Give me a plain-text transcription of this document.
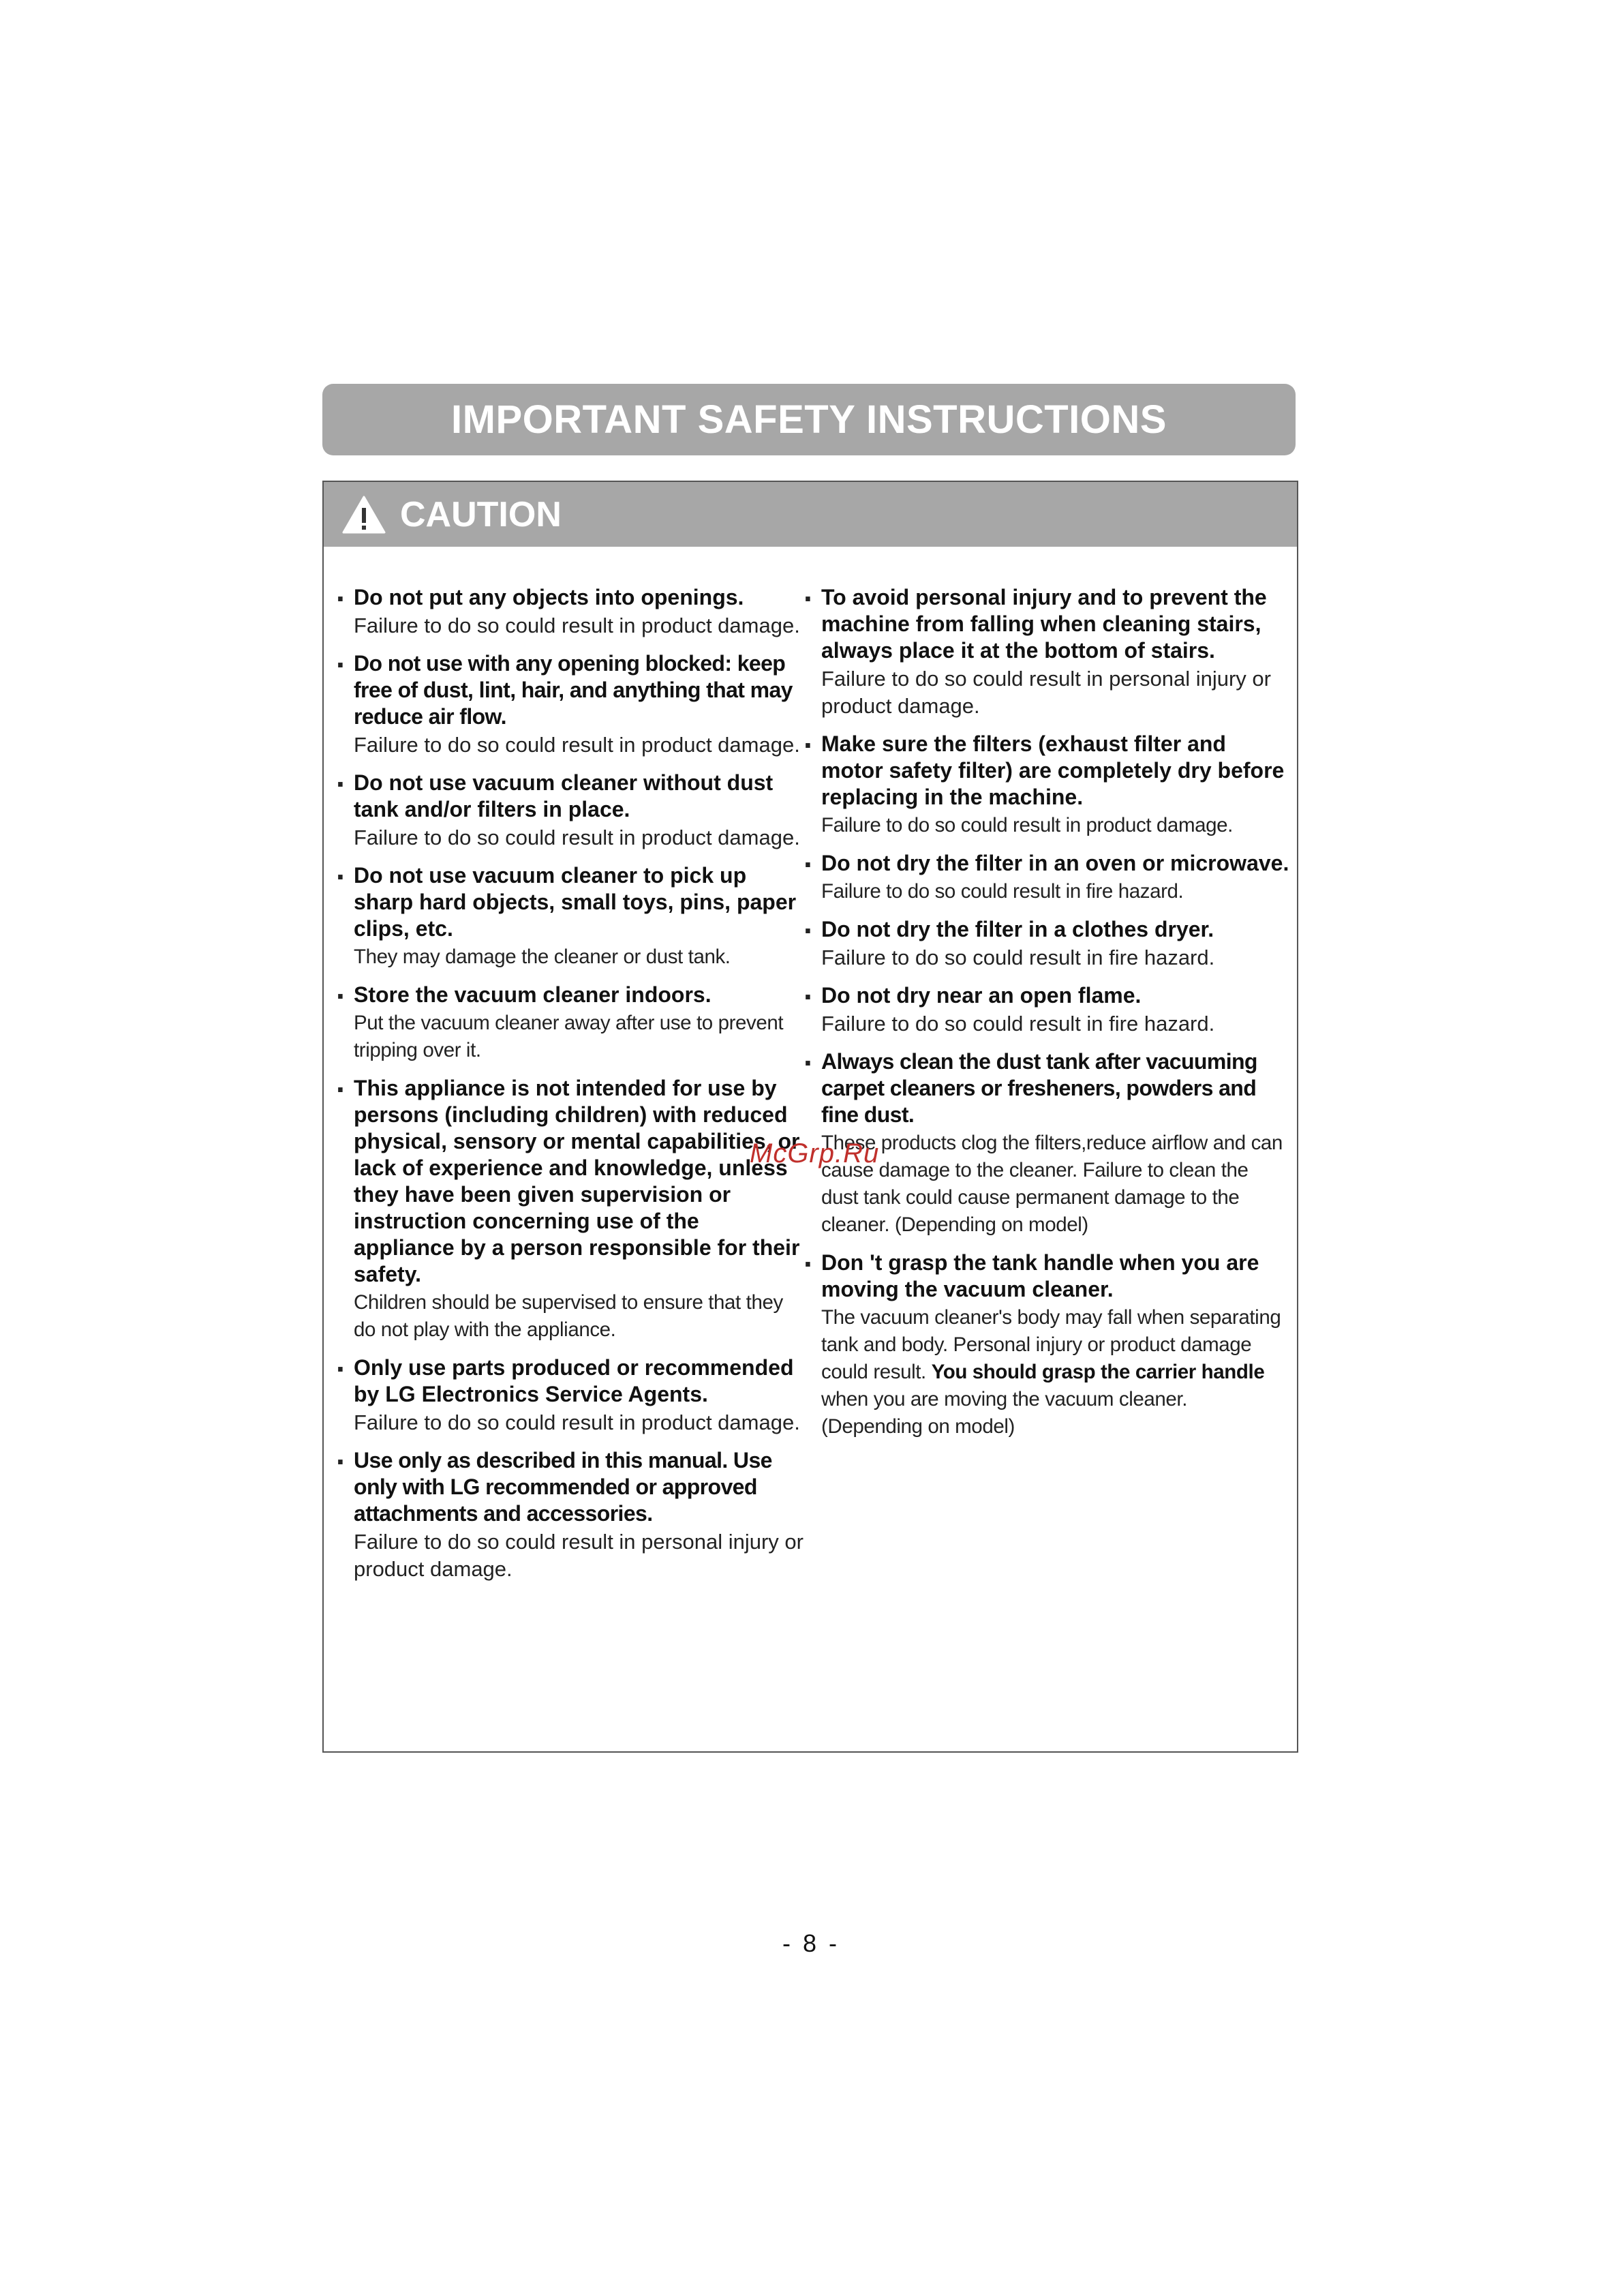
IMPORTANT SAFETY INSTRUCTIONS
CAUTION
· Do not put any objects into openings.
Failure to do so could result in product damage.
· Do not use with any opening blocked: keep free of dust, lint, hair, and anything that may reduce air flow.
Failure to do so could result in product damage.
· Do not use vacuum cleaner without dust tank and/or filters in place.
Failure to do so could result in product damage.
· Do not use vacuum cleaner to pick up sharp hard objects, small toys, pins, paper clips, etc.
They may damage the cleaner or dust tank.
· Store the vacuum cleaner indoors.
Put the vacuum cleaner away after use to prevent tripping over it.
· This appliance is not intended for use by persons (including children) with reduced physical, sensory or mental capabilities, or lack of experience and knowledge, unless they have been given supervision or instruction concerning use of the appliance by a person responsible for their safety.
Children should be supervised to ensure that they do not play with the appliance.
· Only use parts produced or recommended by LG Electronics Service Agents.
Failure to do so could result in product damage.
· Use only as described in this manual. Use only with LG recommended or approved attachments and accessories.
Failure to do so could result in personal injury or product damage.
· To avoid personal injury and to prevent the machine from falling when cleaning stairs, always place it at the bottom of stairs.
Failure to do so could result in personal injury or product damage.
· Make sure the filters (exhaust filter and motor safety filter) are completely dry before replacing in the machine.
Failure to do so could result in product damage.
· Do not dry the filter in an oven or microwave.
Failure to do so could result in fire hazard.
· Do not dry the filter in a clothes dryer.
Failure to do so could result in fire hazard.
· Do not dry near an open flame.
Failure to do so could result in fire hazard.
· Always clean the dust tank after vacuuming carpet cleaners or fresheners, powders and fine dust.
These products clog the filters,reduce airflow and can cause damage to the cleaner. Failure to clean the dust tank could cause permanent damage to the cleaner. (Depending on model)
· Don 't grasp the tank handle when you are moving the vacuum cleaner.
The vacuum cleaner's body may fall when separating tank and body. Personal injury or product damage could result. You should grasp the carrier handle when you are moving the vacuum cleaner. (Depending on model)
McGrp.Ru
- 8 -
